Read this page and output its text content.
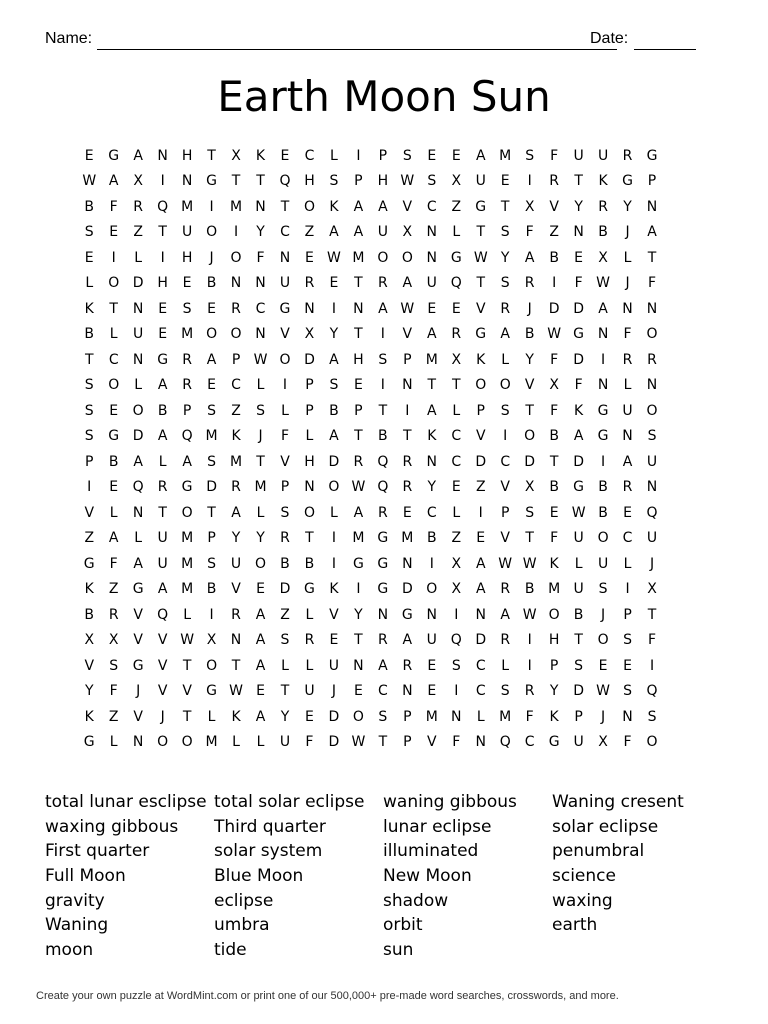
Name:	Date:
Earth Moon Sun
E	G	A	N H	T	X	K	E	C	L	I	P	S	E	E	A M S	F	U	U	R	G
W A	X	I	N G	T	T	Q H	S	P	H W S	X	U	E	I	R	T	K	G	P
B	F	R	Q M	I	M N	T	O	K	A	A	V	C	Z	G	T	X	V	Y	R	Y	N
S	E	Z	T	U O	I	Y	C	Z	A	A	U	X	N	L	T	S	F	Z	N	B	J	A
E	I	L	I	H	J	O	F	N	E W M O O N G W Y	A	B	E	X	L	T
L	O D H	E	B	N N	U	R	E	T	R	A	U Q	T	S	R	I	F W	J	F
K	T	N	E	S	E	R	C	G N	I	N	A W E	E	V	R	J	D D	A	N N
B	L	U	E	M O O N	V	X	Y	T	I	V	A	R	G	A	B W G N	F	O
T	C	N G	R	A	P W O D	A	H	S	P	M X	K	L	Y	F	D	I	R	R
S	O	L	A	R	E	C	L	I	P	S	E	I	N	T	T	O O	V	X	F	N	L	N
S	E	O	B	P	S	Z	S	L	P	B	P	T	I	A	L	P	S	T	F	K	G U O
S	G D	A	Q M K	J	F	L	A	T	B	T	K	C	V	I	O	B	A	G N	S
P	B	A	L	A	S M	T	V	H D	R	Q	R	N	C	D	C	D	T	D	I	A	U
I	E	Q	R	G D	R M	P	N O W Q	R	Y	E	Z	V	X	B	G	B	R	N
V	L	N	T	O	T	A	L	S	O	L	A	R	E	C	L	I	P	S	E W B	E	Q
Z	A	L	U M	P	Y	Y	R	T	I	M G M B	Z	E	V	T	F	U O	C	U
G	F	A	U M S	U O	B	B	I	G G N	I	X	A W W K	L	U	L	J
K	Z	G	A M B	V	E	D G	K	I	G D O	X	A	R	B M U	S	I	X
B	R	V	Q	L	I	R	A	Z	L	V	Y	N G N	I	N	A W O	B	J	P	T
X	X	V	V W X	N	A	S	R	E	T	R	A	U Q D	R	I	H	T	O	S	F
V	S	G	V	T	O	T	A	L	L	U	N	A	R	E	S	C	L	I	P	S	E	E	I
Y	F	J	V	V	G W E	T	U	J	E	C	N	E	I	C	S	R	Y	D W S	Q
K	Z	V	J	T	L	K	A	Y	E	D O	S	P	M N	L	M	F	K	P	J	N	S
G	L	N O O M	L	L	U	F	D W T	P	V	F	N Q	C	G U	X	F	O
total lunar esclipse
waxing gibbous
First quarter
Full Moon
gravity
Waning
moon
total solar eclipse
Third quarter
solar system
Blue Moon
eclipse
umbra
tide
waning gibbous
lunar eclipse
illuminated
New Moon
shadow
orbit
sun
Waning cresent
solar eclipse
penumbral
science
waxing
earth
Create your own puzzle at WordMint.com or print one of our 500,000+ pre-made word searches, crosswords, and more.
